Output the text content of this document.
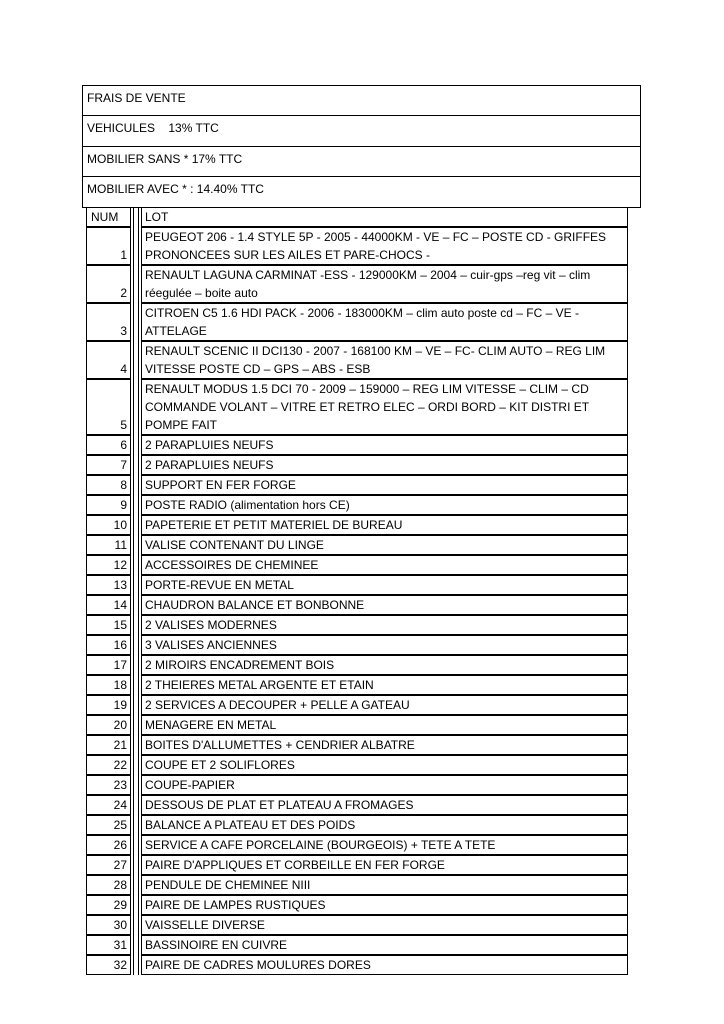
FRAIS DE VENTE
VEHICULES    13% TTC
MOBILIER SANS * 17% TTC
MOBILIER AVEC * : 14.40% TTC
NUM		LOT
1		PEUGEOT 206 - 1.4 STYLE 5P - 2005 - 44000KM - VE – FC – POSTE CD - GRIFFES PRONONCEES SUR LES AILES ET PARE-CHOCS -
2		RENAULT LAGUNA CARMINAT -ESS - 129000KM – 2004 – cuir-gps –reg vit – clim réegulée – boite auto
3		CITROEN C5 1.6 HDI PACK - 2006 - 183000KM – clim auto poste cd – FC – VE - ATTELAGE
4		RENAULT SCENIC II DCI130 - 2007 - 168100 KM – VE – FC- CLIM AUTO – REG LIM VITESSE POSTE CD – GPS – ABS - ESB
5		RENAULT MODUS 1.5 DCI 70 - 2009 – 159000 – REG LIM VITESSE – CLIM – CD COMMANDE VOLANT – VITRE ET RETRO ELEC – ORDI BORD – KIT DISTRI ET POMPE FAIT
6		2 PARAPLUIES NEUFS
7		2 PARAPLUIES NEUFS
8		SUPPORT EN FER FORGE
9		POSTE RADIO (alimentation hors CE)
10		PAPETERIE ET PETIT MATERIEL DE BUREAU
11		VALISE CONTENANT DU LINGE
12		ACCESSOIRES DE CHEMINEE
13		PORTE-REVUE EN METAL
14		CHAUDRON BALANCE ET BONBONNE
15		2 VALISES MODERNES
16		3 VALISES ANCIENNES
17		2 MIROIRS ENCADREMENT BOIS
18		2 THEIERES METAL ARGENTE ET ETAIN
19		2 SERVICES A DECOUPER + PELLE A GATEAU
20		MENAGERE EN METAL
21		BOITES D'ALLUMETTES + CENDRIER ALBATRE
22		COUPE ET 2 SOLIFLORES
23		COUPE-PAPIER
24		DESSOUS DE PLAT ET PLATEAU A FROMAGES
25		BALANCE A PLATEAU ET DES POIDS
26		SERVICE A CAFE PORCELAINE (BOURGEOIS) + TETE A TETE
27		PAIRE D'APPLIQUES ET CORBEILLE EN FER FORGE
28		PENDULE DE CHEMINEE NIII
29		PAIRE DE LAMPES RUSTIQUES
30		VAISSELLE DIVERSE
31		BASSINOIRE EN CUIVRE
32		PAIRE DE CADRES MOULURES DORES
